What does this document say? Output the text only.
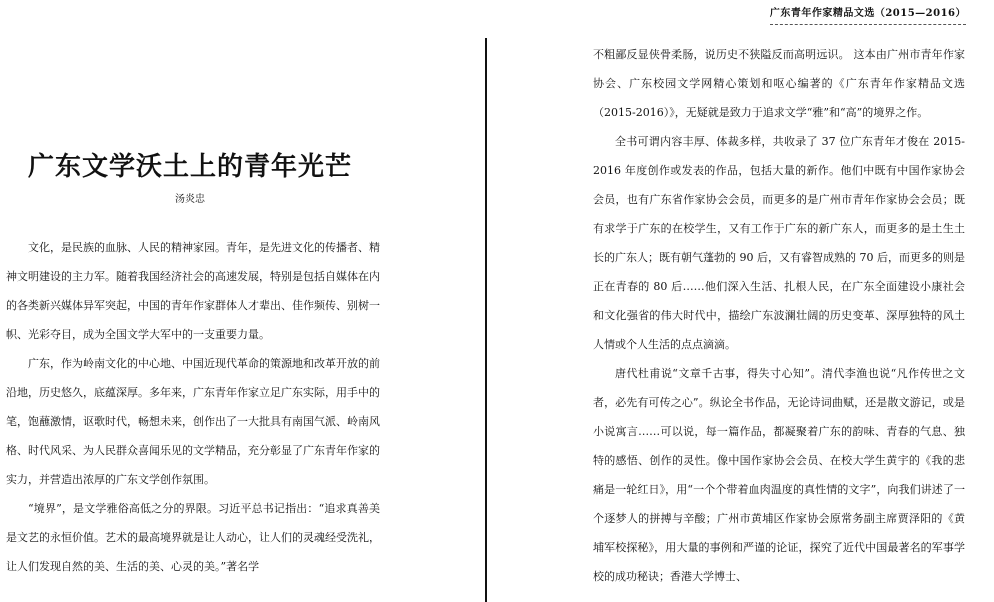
广东文学沃土上的青年光芒
汤炎忠

文化，是民族的血脉、人民的精神家园。青年，是先进文化的传播者、精神文明建设的主力军。随着我国经济社会的高速发展，特别是包括自媒体在内的各类新兴媒体异军突起，中国的青年作家群体人才辈出、佳作频传、别树一帜、光彩夺目，成为全国文学大军中的一支重要力量。

广东，作为岭南文化的中心地、中国近现代革命的策源地和改革开放的前沿地，历史悠久，底蕴深厚。多年来，广东青年作家立足广东实际，用手中的笔，饱蘸激情，讴歌时代，畅想未来，创作出了一大批具有南国气派、岭南风格、时代风采、为人民群众喜闻乐见的文学精品，充分彰显了广东青年作家的实力，并营造出浓厚的广东文学创作氛围。

“境界”，是文学雅俗高低之分的界限。习近平总书记指出：“追求真善美是文艺的永恒价值。艺术的最高境界就是让人动心，让人们的灵魂经受洗礼，让人们发现自然的美、生活的美、心灵的美。”著名学

广东青年作家精品文选（2015—2016）

不粗鄙反显侠骨柔肠，说历史不狭隘反而高明远识。 这本由广州市青年作家协会、广东校园文学网精心策划和呕心编著的《广东青年作家精品文选（2015-2016）》，无疑就是致力于追求文学“雅”和“高”的境界之作。

全书可谓内容丰厚、体裁多样，共收录了 37 位广东青年才俊在 2015-2016 年度创作或发表的作品，包括大量的新作。他们中既有中国作家协会会员，也有广东省作家协会会员，而更多的是广州市青年作家协会会员；既有求学于广东的在校学生，又有工作于广东的新广东人，而更多的是土生土长的广东人；既有朝气蓬勃的 90 后，又有睿智成熟的 70 后，而更多的则是正在青春的 80 后……他们深入生活、扎根人民，在广东全面建设小康社会和文化强省的伟大时代中，描绘广东波澜壮阔的历史变革、深厚独特的风土人情或个人生活的点点滴滴。

唐代杜甫说“文章千古事，得失寸心知”。清代李渔也说“凡作传世之文者，必先有可传之心”。纵论全书作品，无论诗词曲赋，还是散文游记，或是小说寓言……可以说，每一篇作品，都凝聚着广东的韵味、青春的气息、独特的感悟、创作的灵性。像中国作家协会会员、在校大学生黄宇的《我的悲痛是一轮红日》，用“一个个带着血肉温度的真性情的文字”，向我们讲述了一个逐梦人的拼搏与辛酸；广州市黄埔区作家协会原常务副主席贾泽阳的《黄埔军校探秘》，用大量的事例和严谨的论证，探究了近代中国最著名的军事学校的成功秘诀；香港大学博士、
